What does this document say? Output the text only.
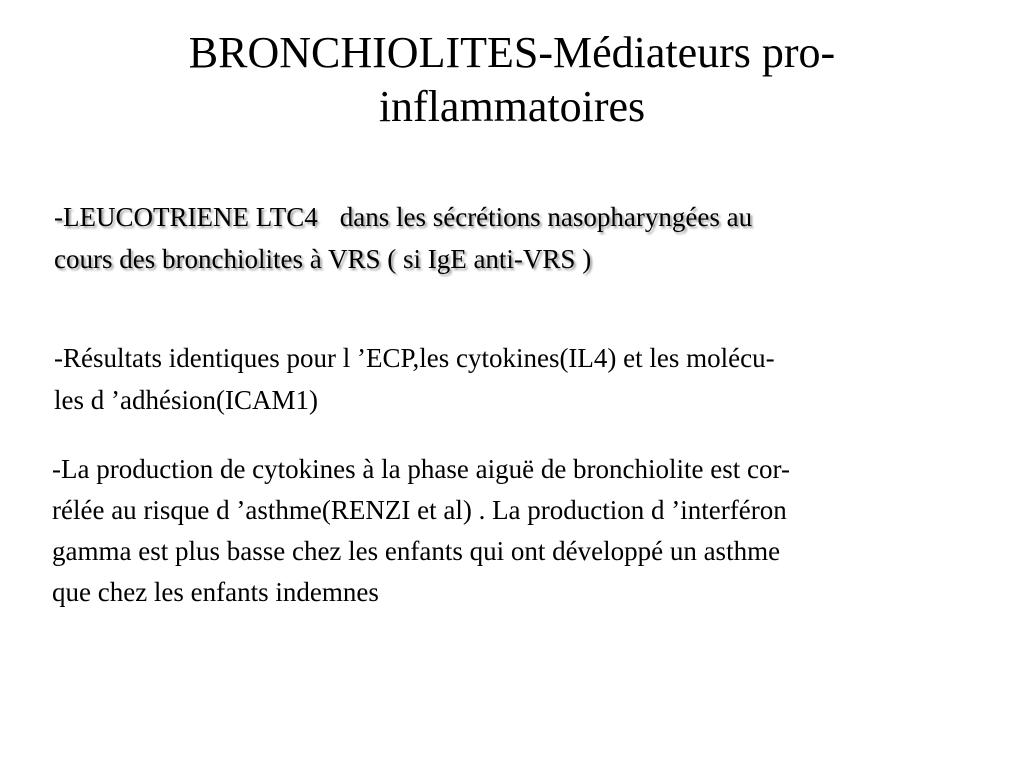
BRONCHIOLITES-Médiateurs pro-
inflammatoires

-LEUCOTRIENE LTC4 dans les sécrétions nasopharyngées au
cours des bronchiolites à VRS ( si IgE anti-VRS )

-Résultats identiques pour l ’ECP,les cytokines(IL4) et les molécu-
les d ’adhésion(ICAM1)

-La production de cytokines à la phase aiguë de bronchiolite est cor-
rélée au risque d ’asthme(RENZI et al) . La production d ’interféron
gamma est plus basse chez les enfants qui ont développé un asthme
que chez les enfants indemnes
